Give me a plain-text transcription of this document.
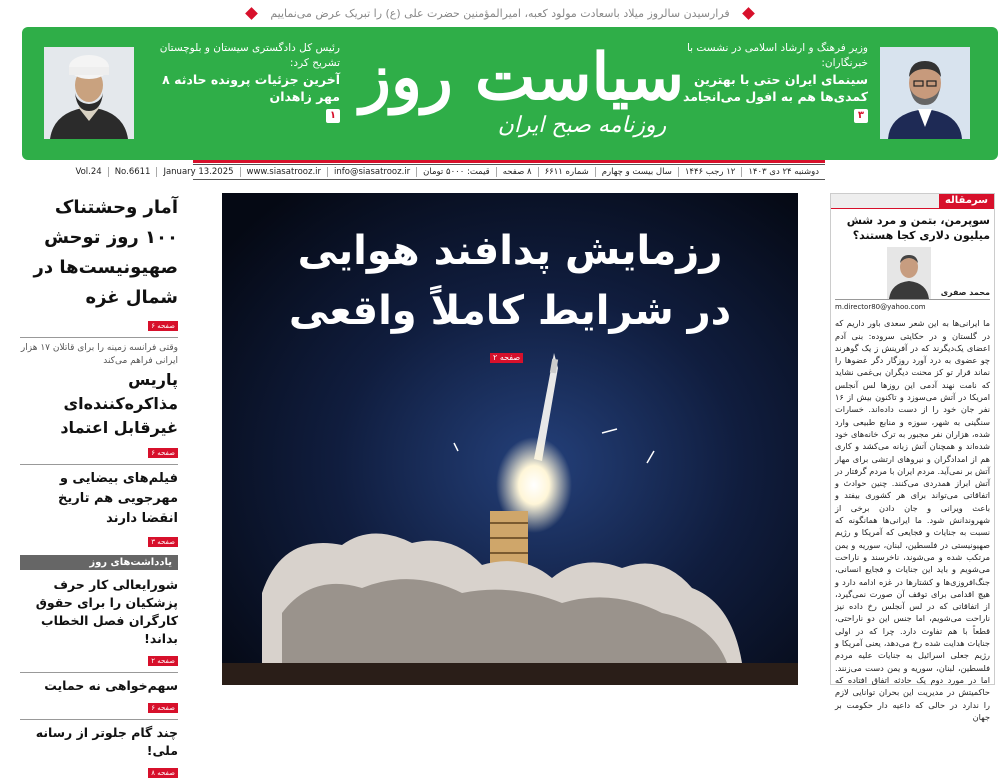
فرارسیدن سالروز میلاد باسعادت مولود کعبه، امیرالمؤمنین حضرت علی (ع) را تبریک عرض می‌نماییم
وزیر فرهنگ و ارشاد اسلامی در نشست با خبرنگاران:
سینمای ایران حتی با بهترین کمدی‌ها هم به افول می‌انجامد
۳
سیاست روز
روزنامه صبح ایران
رئیس کل دادگستری سیستان و بلوچستان تشریح کرد:
آخرین جزئیات پرونده حادثه ۸ مهر زاهدان
۱
دوشنبه ۲۴ دی ۱۴۰۳
۱۲ رجب ۱۴۴۶
سال بیست و چهارم
شماره ۶۶۱۱
۸ صفحه
قیمت: ۵۰۰۰ تومان
info@siasatrooz.ir
www.siasatrooz.ir
January 13.2025
No.6611
Vol.24
رزمایش پدافند هوایی
در شرایط کاملاً واقعی
صفحه ۲
سرمقاله
سوپرمن، بتمن و مرد شش میلیون دلاری کجا هستند؟
محمد صفری
m.director80@yahoo.com
ما ایرانی‌ها به این شعر سعدی باور داریم که در گلستان و در حکایتی سروده: بنی آدم اعضای یک‌دیگرند که در آفرینش ز یک گوهرند چو عضوی به درد آورد روزگار دگر عضوها را نماند قرار تو کز محنت دیگران بی‌غمی نشاید که نامت نهند آدمی این روزها لس آنجلس امریکا در آتش می‌سوزد و تاکنون بیش از ۱۶ نفر جان خود را از دست داده‌اند. خسارات سنگینی به شهر، سوزه و منابع طبیعی وارد شده، هزاران نفر مجبور به ترک خانه‌های خود شده‌اند و همچنان آتش زبانه می‌کشد و کاری هم از امدادگران و نیروهای ارتشی برای مهار آتش بر نمی‌آید. مردم ایران با مردم گرفتار در آتش ابراز همدردی می‌کنند. چنین حوادث و اتفاقاتی می‌تواند برای هر کشوری بیفتد و باعث ویرانی و جان دادن برخی از شهروندانش شود. ما ایرانی‌ها همانگونه که نسبت به جنایات و فجایعی که آمریکا و رژیم صهیونیستی در فلسطین، لبنان، سوریه و یمن مرتکب شده و می‌شوند، ناخرسند و ناراحت می‌شویم و باید این جنایات و فجایع انسانی، جنگ‌افروزی‌ها و کشتارها در غزه ادامه دارد و هیچ اقدامی برای توقف آن صورت نمی‌گیرد، از اتفاقاتی که در لس آنجلس رخ داده نیز ناراحت می‌شویم، اما جنس این دو ناراحتی، قطعاً با هم تفاوت دارد. چرا که در اولی جنایات هدایت شده رخ می‌دهد، یعنی آمریکا و رژیم جعلی اسرائیل به جنایات علیه مردم فلسطین، لبنان، سوریه و یمن دست می‌زنند. اما در مورد دوم یک حادثه اتفاق افتاده که حاکمیتش در مدیریت این بحران توانایی لازم را ندارد در حالی که داعیه دار حکومت بر جهان
آمار وحشتناک ۱۰۰ روز توحش صهیونیست‌ها در شمال غزه
صفحه ۶
وقتی فرانسه زمینه را برای قاتلان ۱۷ هزار ایرانی فراهم می‌کند
پاریس مذاکره‌کننده‌ای غیرقابل اعتماد
صفحه ۶
فیلم‌های بیضایی و مهرجویی هم تاریخ انقضا دارند
صفحه ۳
یادداشت‌های روز
شورایعالی کار حرف پزشکیان را برای حقوق کارگران فصل الخطاب بداند!
صفحه ۲
سهم‌خواهی نه حمایت
صفحه ۶
چند گام جلوتر از رسانه ملی!
صفحه ۸
